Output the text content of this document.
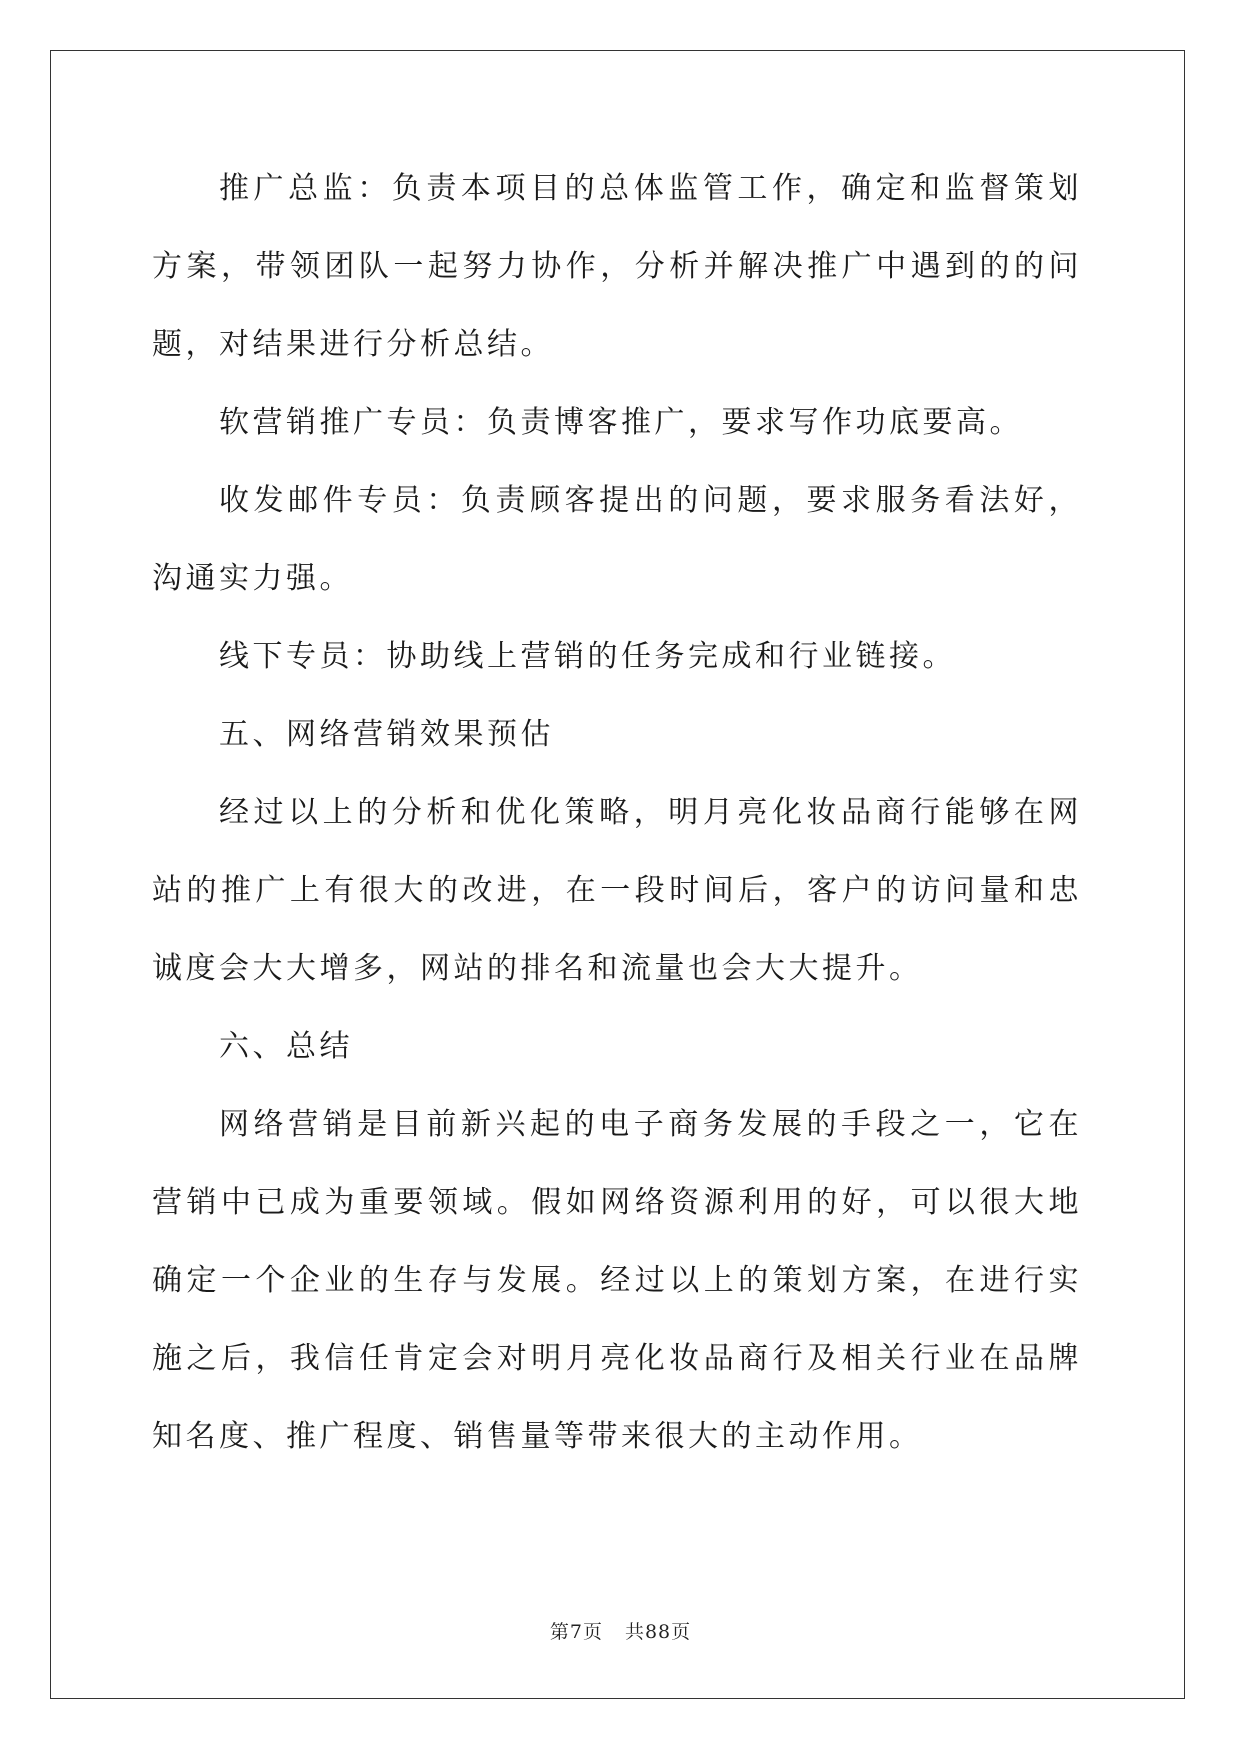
推广总监：负责本项目的总体监管工作，确定和监督策划方案，带领团队一起努力协作，分析并解决推广中遇到的的问题，对结果进行分析总结。

软营销推广专员：负责博客推广，要求写作功底要高。

收发邮件专员：负责顾客提出的问题，要求服务看法好，沟通实力强。

线下专员：协助线上营销的任务完成和行业链接。

五、网络营销效果预估

经过以上的分析和优化策略，明月亮化妆品商行能够在网站的推广上有很大的改进，在一段时间后，客户的访问量和忠诚度会大大增多，网站的排名和流量也会大大提升。

六、总结

网络营销是目前新兴起的电子商务发展的手段之一，它在营销中已成为重要领域。假如网络资源利用的好，可以很大地确定一个企业的生存与发展。经过以上的策划方案，在进行实施之后，我信任肯定会对明月亮化妆品商行及相关行业在品牌知名度、推广程度、销售量等带来很大的主动作用。

第7页 共88页
